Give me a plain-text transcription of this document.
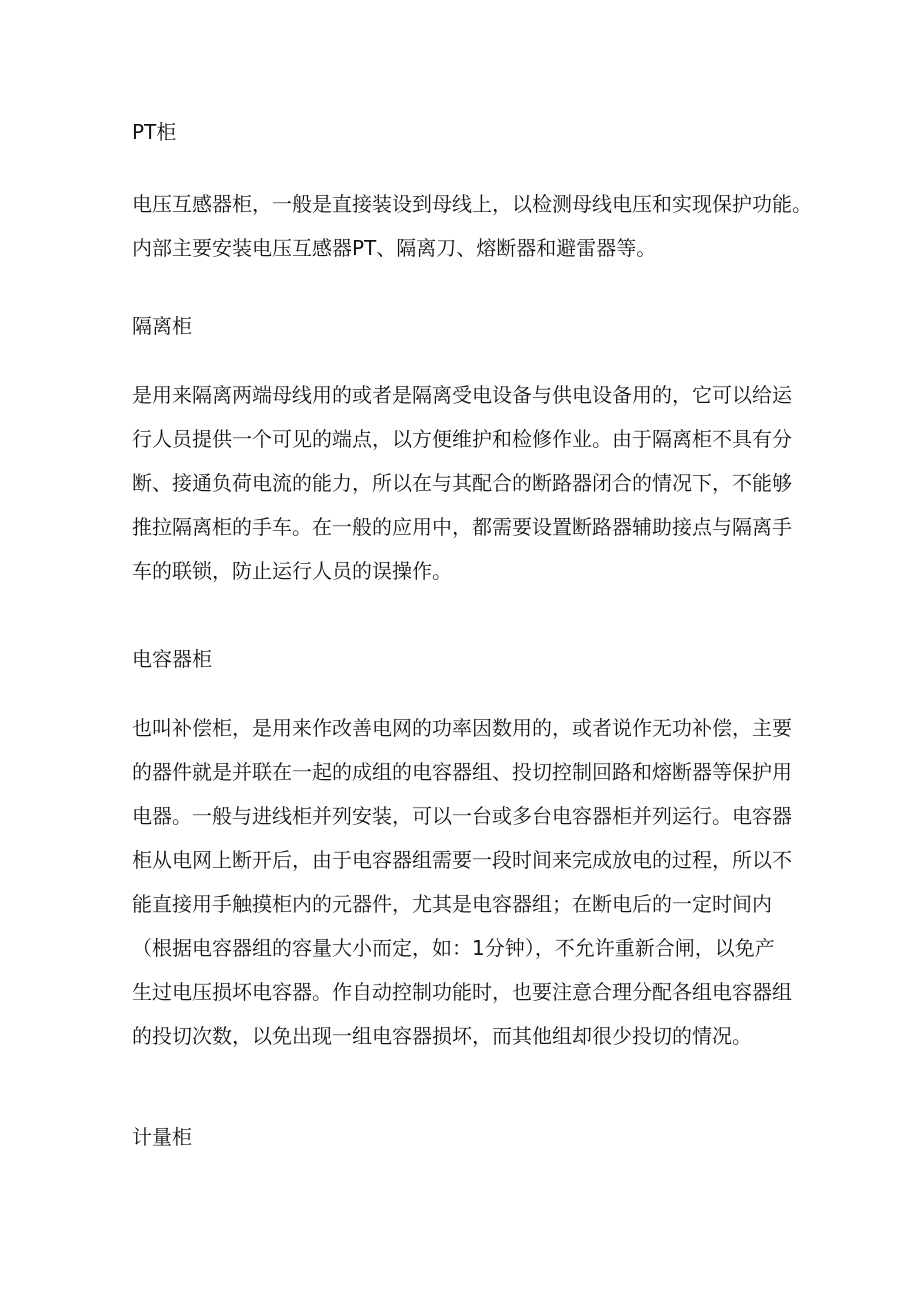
PT柜
电压互感器柜，一般是直接装设到母线上，以检测母线电压和实现保护功能。
内部主要安装电压互感器PT、隔离刀、熔断器和避雷器等。
隔离柜
是用来隔离两端母线用的或者是隔离受电设备与供电设备用的，它可以给运
行人员提供一个可见的端点，以方便维护和检修作业。由于隔离柜不具有分
断、接通负荷电流的能力，所以在与其配合的断路器闭合的情况下，不能够
推拉隔离柜的手车。在一般的应用中，都需要设置断路器辅助接点与隔离手
车的联锁，防止运行人员的误操作。
电容器柜
也叫补偿柜，是用来作改善电网的功率因数用的，或者说作无功补偿，主要
的器件就是并联在一起的成组的电容器组、投切控制回路和熔断器等保护用
电器。一般与进线柜并列安装，可以一台或多台电容器柜并列运行。电容器
柜从电网上断开后，由于电容器组需要一段时间来完成放电的过程，所以不
能直接用手触摸柜内的元器件，尤其是电容器组；在断电后的一定时间内
（根据电容器组的容量大小而定，如：1分钟），不允许重新合闸，以免产
生过电压损坏电容器。作自动控制功能时，也要注意合理分配各组电容器组
的投切次数，以免出现一组电容器损坏，而其他组却很少投切的情况。
计量柜
